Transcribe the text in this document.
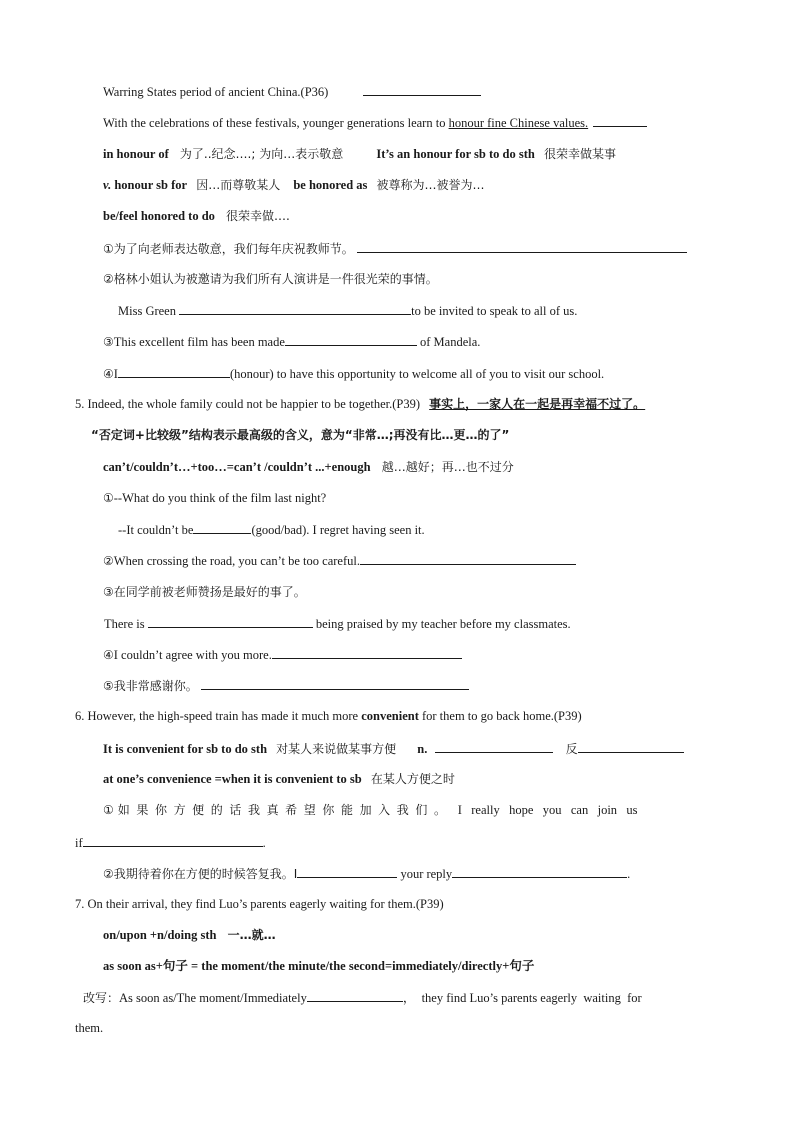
Warring States period of ancient China.(P36)
With the celebrations of these festivals, younger generations learn to honour fine Chinese values.
in honour of 为了..纪念….; 为向…表示敬意	It’s an honour for sb to do sth 很荣幸做某事
v. honour sb for 因…而尊敬某人 be honored as 被尊称为…被誉为…
be/feel honored to do 很荣幸做….
①为了向老师表达敬意，我们每年庆祝教师节。
②格林小姐认为被邀请为我们所有人演讲是一件很光荣的事情。
Miss Green	to be invited to speak to all of us.
③This excellent film has been made	of Mandela.
④I	(honour) to have this opportunity to welcome all of you to visit our school.
5. Indeed, the whole family could not be happier to be together.(P39) 事实上，一家人在一起是再幸福不过了。
“否定词+比较级”结构表示最高级的含义，意为“非常…;再没有比…更…的了”
can’t/couldn’t…+too…=can’t /couldn’t ...+enough 越…越好；再…也不过分
①--What do you think of the film last night?
--It couldn’t be	(good/bad). I regret having seen it.
②When crossing the road, you can’t be too careful.
③在同学前被老师赞扬是最好的事了。
There is	being praised by my teacher before my classmates.
④I couldn’t agree with you more.
⑤我非常感谢你。
6. However, the high-speed train has made it much more convenient for them to go back home.(P39)
It is convenient for sb to do sth 对某人来说做某事方便 n.	反
at one’s convenience =when it is convenient to sb 在某人方便之时
① 如果你方便的话我真希望你能加入我们。 I   really   hope   you   can   join   us
if	.
②我期待着你在方便的时候答复我。I	your reply	.
7. On their arrival, they find Luo’s parents eagerly waiting for them.(P39)
on/upon +n/doing sth 一…就…
as soon as+句子 = the moment/the minute/the second=immediately/directly+句子
改写：As soon as/The moment/Immediately	，  they find Luo’s parents eagerly  waiting  for
them.
